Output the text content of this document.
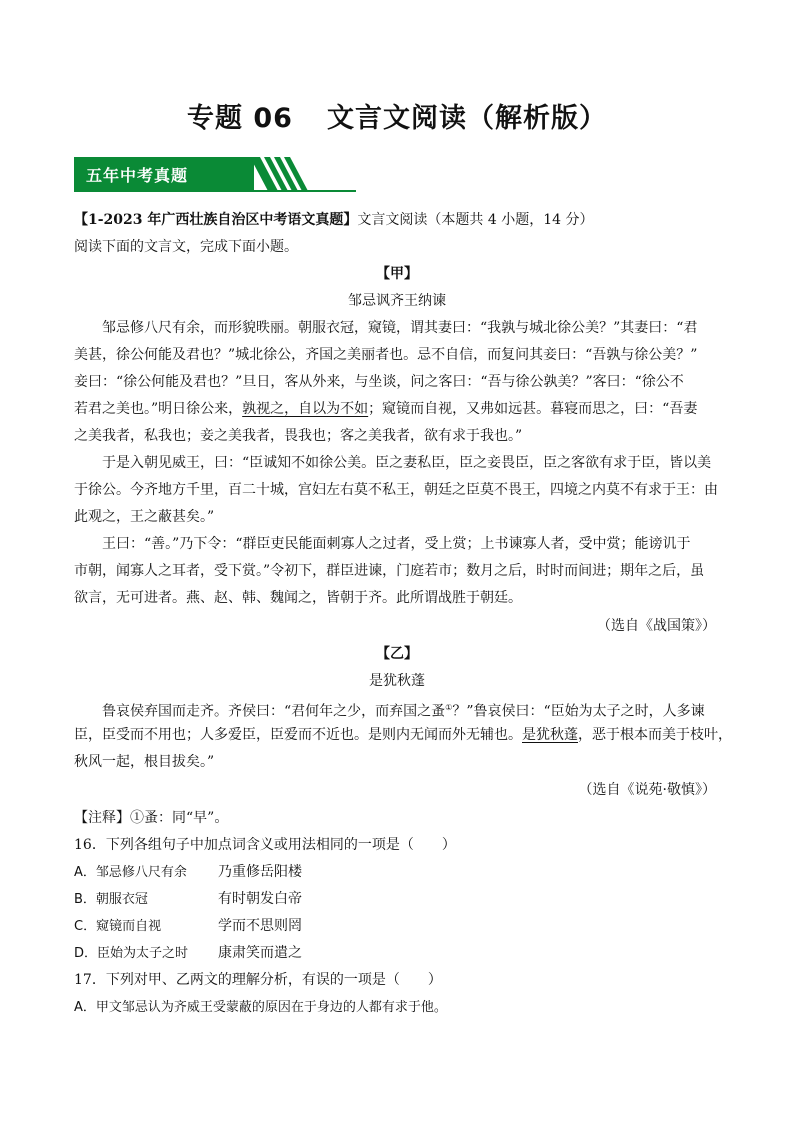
专题 06 文言文阅读（解析版）
五年中考真题
【1-2023 年广西壮族自治区中考语文真题】文言文阅读（本题共 4 小题，14 分）
阅读下面的文言文，完成下面小题。
【甲】
邹忌讽齐王纳谏
邹忌修八尺有余，而形貌昳丽。朝服衣冠，窥镜，谓其妻曰：“我孰与城北徐公美？”其妻曰：“君
美甚，徐公何能及君也？”城北徐公，齐国之美丽者也。忌不自信，而复问其妾曰：“吾孰与徐公美？”
妾曰：“徐公何能及君也？”旦日，客从外来，与坐谈，问之客曰：“吾与徐公孰美？”客曰：“徐公不
若君之美也。”明日徐公来，孰视之，自以为不如；窥镜而自视，又弗如远甚。暮寝而思之，曰：“吾妻
之美我者，私我也；妾之美我者，畏我也；客之美我者，欲有求于我也。”
于是入朝见威王，曰：“臣诚知不如徐公美。臣之妻私臣，臣之妾畏臣，臣之客欲有求于臣，皆以美
于徐公。今齐地方千里，百二十城，宫妇左右莫不私王，朝廷之臣莫不畏王，四境之内莫不有求于王：由
此观之，王之蔽甚矣。”
王曰：“善。”乃下令：“群臣吏民能面刺寡人之过者，受上赏；上书谏寡人者，受中赏；能谤讥于
市朝，闻寡人之耳者，受下赏。”令初下，群臣进谏，门庭若市；数月之后，时时而间进；期年之后，虽
欲言，无可进者。燕、赵、韩、魏闻之，皆朝于齐。此所谓战胜于朝廷。
（选自《战国策》）
【乙】
是犹秋蓬
鲁哀侯弃国而走齐。齐侯曰：“君何年之少，而弃国之蚤①？”鲁哀侯曰：“臣始为太子之时，人多谏
臣，臣受而不用也；人多爱臣，臣爱而不近也。是则内无闻而外无辅也。是犹秋蓬，恶于根本而美于枝叶，
秋风一起，根目拔矣。”
（选自《说苑·敬慎》）
【注释】①蚤：同“早”。
16．下列各组句子中加点词含义或用法相同的一项是（　　）
A．邹忌修八尺有余 乃重修岳阳楼
B．朝服衣冠	有时朝发白帝
C．窥镜而自视	学而不思则罔
D．臣始为太子之时 康肃笑而遣之
17．下列对甲、乙两文的理解分析，有误的一项是（　　）
A．甲文邹忌认为齐威王受蒙蔽的原因在于身边的人都有求于他。
